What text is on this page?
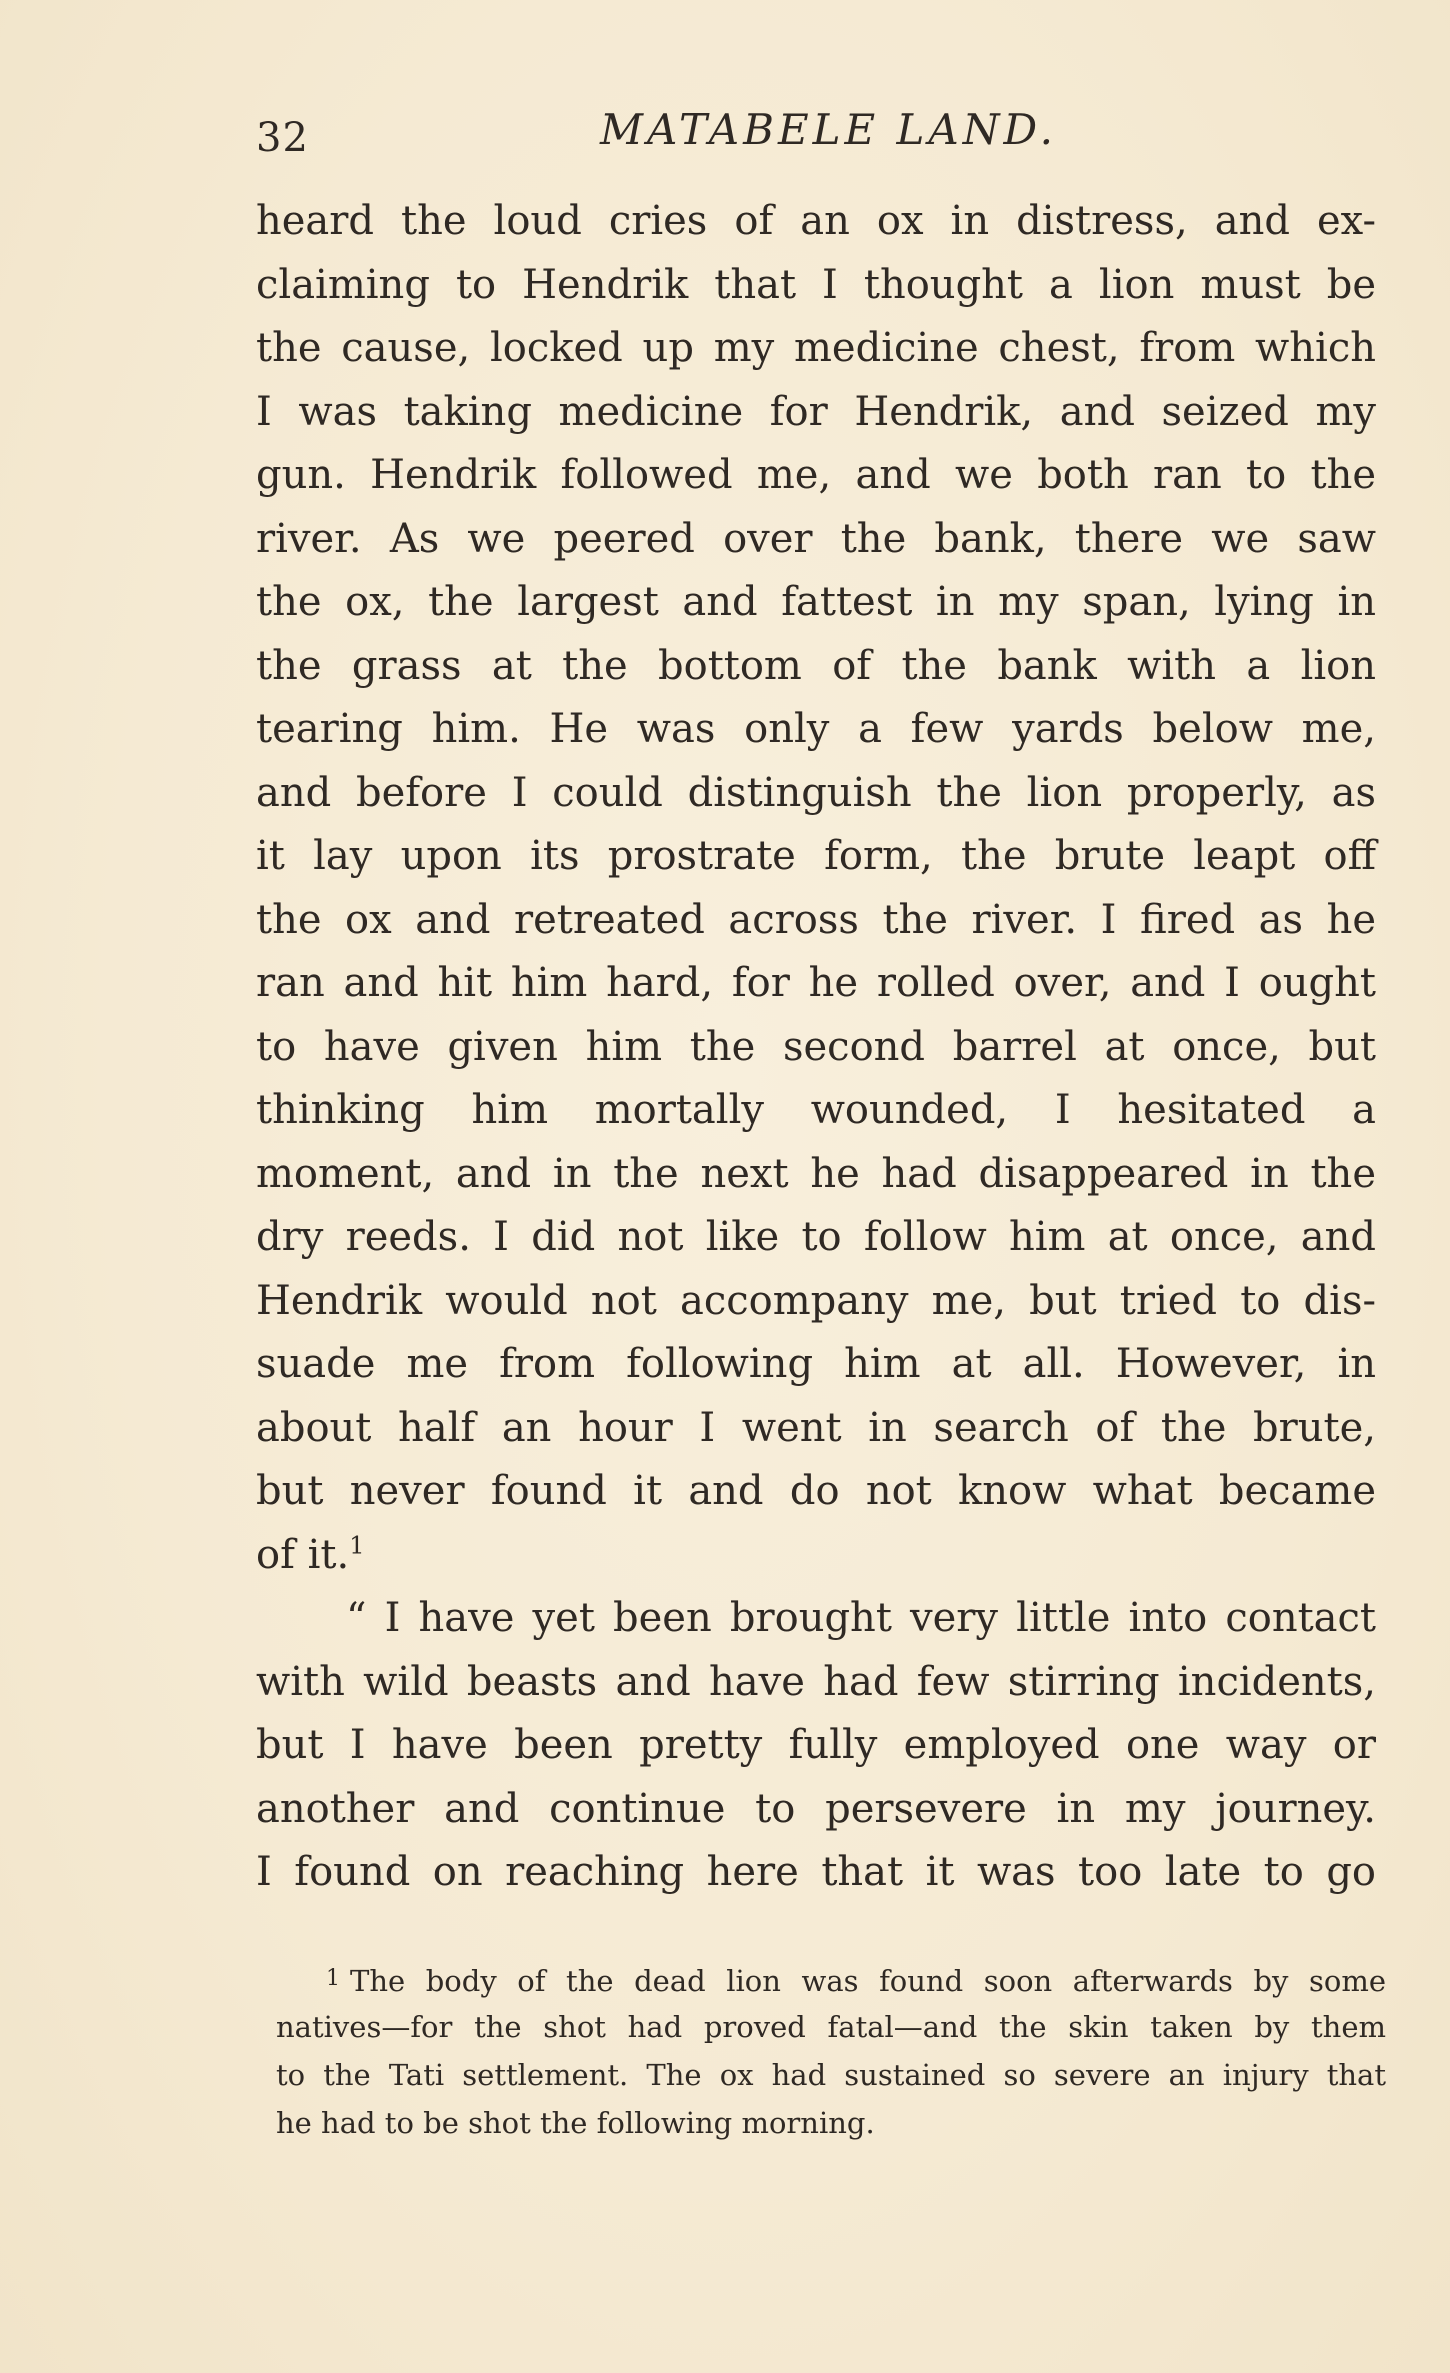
32	MATABELE LAND.
heard the loud cries of an ox in distress, and ex-
claiming to Hendrik that I thought a lion must be
the cause, locked up my medicine chest, from which
I was taking medicine for Hendrik, and seized my
gun. Hendrik followed me, and we both ran to the
river. As we peered over the bank, there we saw
the ox, the largest and fattest in my span, lying in
the grass at the bottom of the bank with a lion
tearing him. He was only a few yards below me,
and before I could distinguish the lion properly, as
it lay upon its prostrate form, the brute leapt off
the ox and retreated across the river. I fired as he
ran and hit him hard, for he rolled over, and I ought
to have given him the second barrel at once, but
thinking him mortally wounded, I hesitated a
moment, and in the next he had disappeared in the
dry reeds. I did not like to follow him at once, and
Hendrik would not accompany me, but tried to dis-
suade me from following him at all. However, in
about half an hour I went in search of the brute,
but never found it and do not know what became
of it.$^1$
“ I have yet been brought very little into contact
with wild beasts and have had few stirring incidents,
but I have been pretty fully employed one way or
another and continue to persevere in my journey.
I found on reaching here that it was too late to go
$^1$ The body of the dead lion was found soon afterwards by some
natives—for the shot had proved fatal—and the skin taken by them
to the Tati settlement. The ox had sustained so severe an injury that
he had to be shot the following morning.
